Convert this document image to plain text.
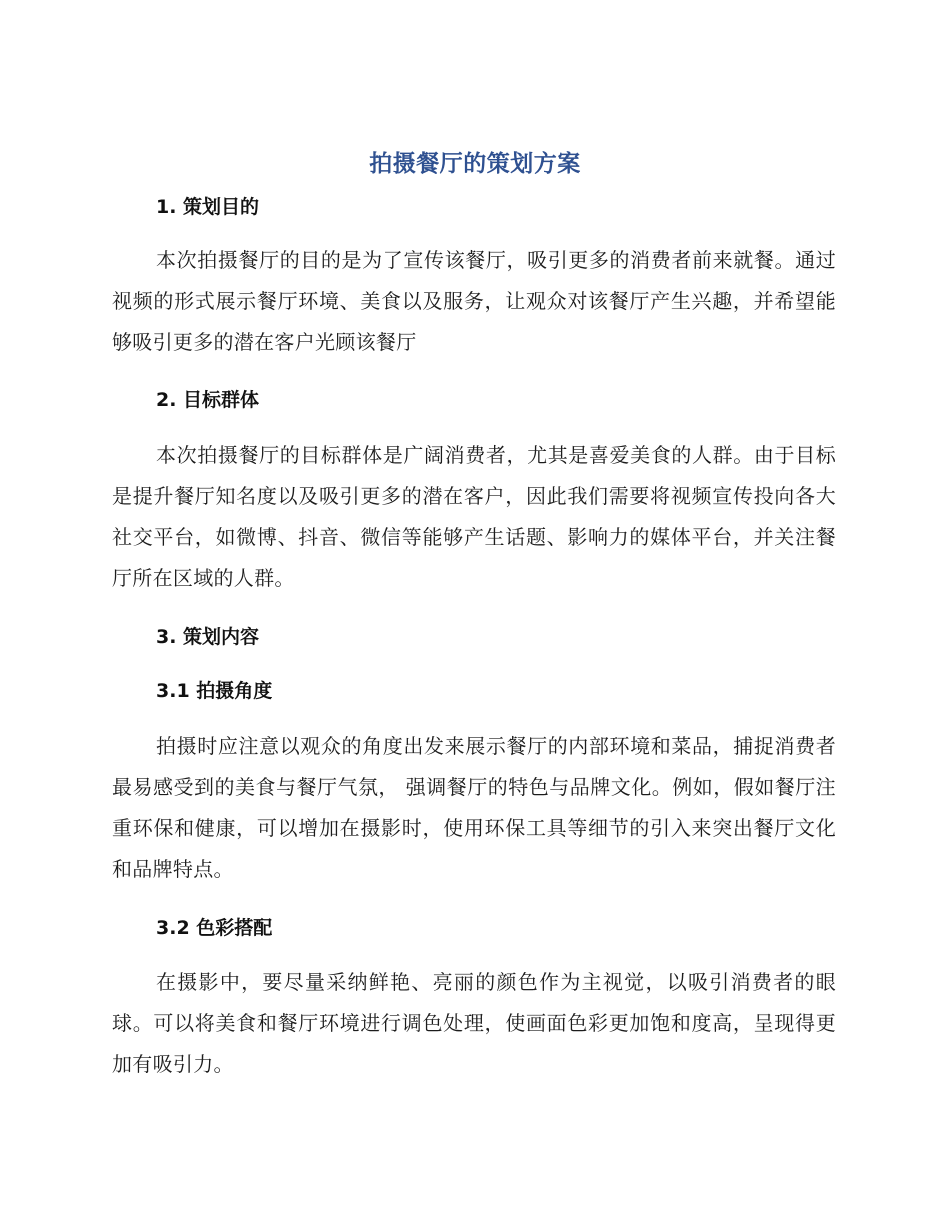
拍摄餐厅的策划方案
1. 策划目的
本次拍摄餐厅的目的是为了宣传该餐厅，吸引更多的消费者前来就餐。通过视频的形式展示餐厅环境、美食以及服务，让观众对该餐厅产生兴趣，并希望能够吸引更多的潜在客户光顾该餐厅
2. 目标群体
本次拍摄餐厅的目标群体是广阔消费者，尤其是喜爱美食的人群。由于目标是提升餐厅知名度以及吸引更多的潜在客户，因此我们需要将视频宣传投向各大社交平台，如微博、抖音、微信等能够产生话题、影响力的媒体平台，并关注餐厅所在区域的人群。
3. 策划内容
3.1 拍摄角度
拍摄时应注意以观众的角度出发来展示餐厅的内部环境和菜品，捕捉消费者最易感受到的美食与餐厅气氛， 强调餐厅的特色与品牌文化。例如，假如餐厅注重环保和健康，可以增加在摄影时，使用环保工具等细节的引入来突出餐厅文化和品牌特点。
3.2 色彩搭配
在摄影中，要尽量采纳鲜艳、亮丽的颜色作为主视觉，以吸引消费者的眼球。可以将美食和餐厅环境进行调色处理，使画面色彩更加饱和度高，呈现得更加有吸引力。
